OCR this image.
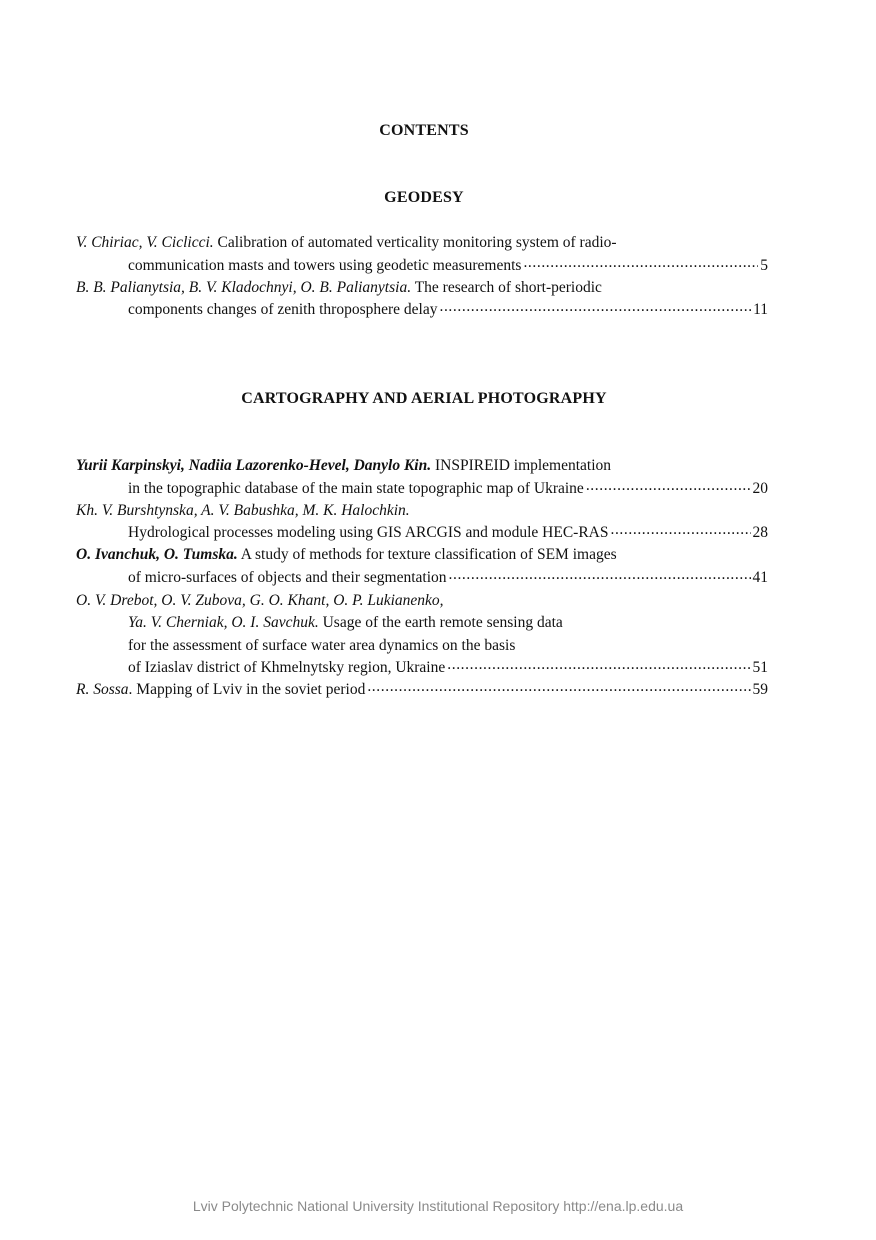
CONTENTS
GEODESY
V. Chiriac, V. Ciclicci. Calibration of automated verticality monitoring system of radio-
communication masts and towers using geodetic measurements .....	5
B. B. Palianytsia, B. V. Kladochnyi, O. B. Palianytsia. The research of short-periodic
components changes of zenith throposphere delay .....	11
CARTOGRAPHY AND AERIAL PHOTOGRAPHY
Yurii Karpinskyi, Nadiia Lazorenko-Hevel, Danylo Kin. INSPIREID implementation
in the topographic database of the main state topographic map of Ukraine .....	20
Kh. V. Burshtynska, A. V. Babushka, M. K. Halochkin.
Hydrological processes modeling using GIS ARCGIS and module HEC-RAS .....	28
O. Ivanchuk, O. Tumska. A study of methods for texture classification of SEM images
of micro-surfaces of objects and their segmentation .....	41
O. V. Drebot, O. V. Zubova, G. O. Khant, O. P. Lukianenko,
Ya. V. Cherniak, O. I. Savchuk. Usage of the earth remote sensing data
for the assessment of surface water area dynamics on the basis
of Iziaslav district of Khmelnytsky region, Ukraine .....	51
R. Sossa. Mapping of Lviv in the soviet period .....	59
Lviv Polytechnic National University Institutional Repository http://ena.lp.edu.ua
